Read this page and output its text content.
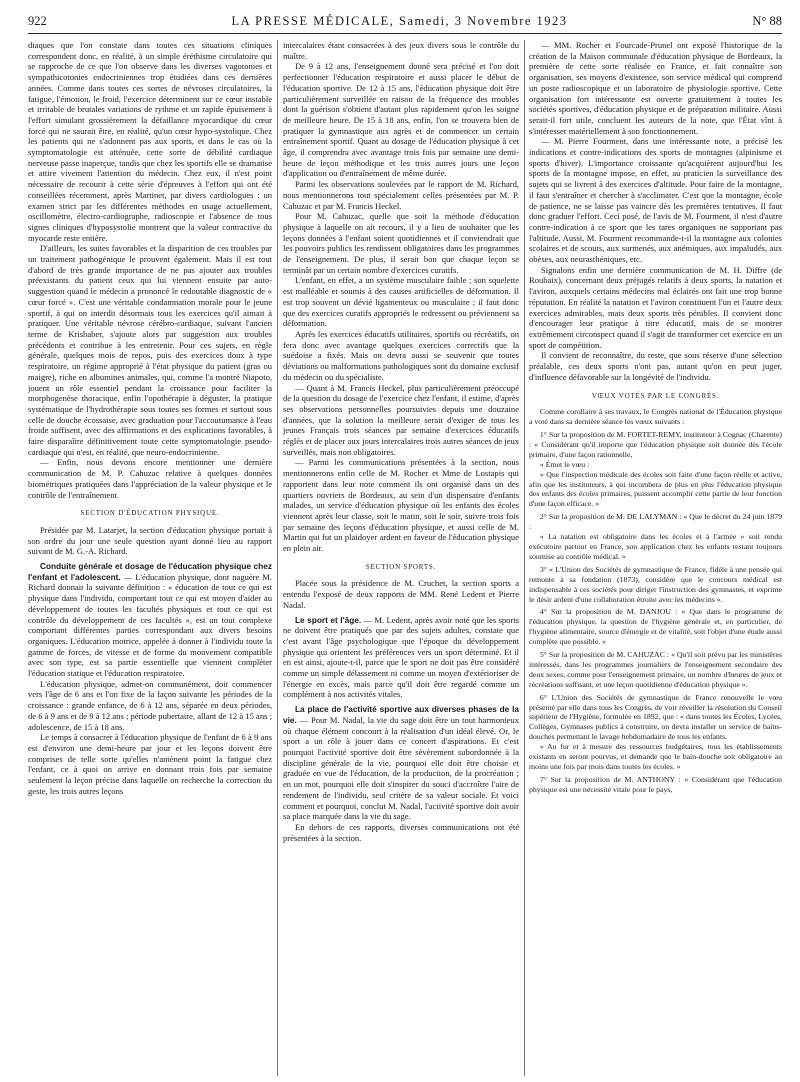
922	LA PRESSE MÉDICALE, Samedi, 3 Novembre 1923	N° 88

diaques que l'on constate dans toutes ces situations cliniques correspondent donc, en réalité, à un simple éréthisme circulatoire qui se rapproche de ce que l'on observe dans les diverses vagotonies et sympathicotonies endocriniennes trop étudiées dans ces dernières années. Comme dans toutes ces sortes de névroses circulatoires, la fatigue, l'émotion, le froid, l'exercice déterminent sur ce cœur instable et irritable de brutales variations de rythme et un rapide épuisement à l'effort simulant grossièrement la défaillance myocardique du cœur forcé qui ne saurait être, en réalité, qu'un cœur hypo-systolique. Chez les patients qui ne s'adonnent pas aux sports, et dans le cas où la symptomatologie est atténuée, cette sorte de débilité cardiaque nerveuse passe inaperçue, tandis que chez les sportifs elle se dramatise et attire vivement l'attention du médecin. Chez eux, il n'est point nécessaire de recourir à cette série d'épreuves à l'effort qui ont été conseillées récemment, après Martinet, par divers cardiologues : un examen strict par les différentes méthodes en usage actuellement, oscillomètre, électro-cardiographe, radioscopie et l'absence de tous signes cliniques d'hyposystolie montrent que la valeur contractive du myocarde reste entière.

D'ailleurs, les suites favorables et la disparition de ces troubles par un traitement pathogénique le prouvent également. Mais il est tout d'abord de très grande importance de ne pas ajouter aux troubles préexistants du patient ceux qui lui viennent ensuite par auto-suggestion quand le médecin a prononcé le redoutable diagnostic de « cœur forcé ». C'est une véritable condamnation morale pour le jeune sportif, à qui on interdit désormais tous les exercices qu'il aimait à pratiquer. Une véritable névrose cérébro-cardiaque, suivant l'ancien terme de Krishaber, s'ajoute alors par suggestion aux troubles précédents et contribue à les entretenir. Pour ces sujets, en règle générale, quelques mois de repos, puis des exercices doux à type respiratoire, un régime approprié à l'état physique du patient (gras ou maigre), riche en albumines animales, qui, comme l'a montré Niapoto, jouent un rôle essentiel pendant la croissance pour faciliter la morphogenèse thoracique, enfin l'opothérapie à déguster, la pratique systématique de l'hydrothérapie sous toutes ses formes et surtout sous celle de douche écossaise, avec graduation pour l'accoutumance à l'eau froide suffisent, avec des affirmations et des explications favorables, à faire disparaître définitivement toute cette symptomatologie pseudo-cardiaque qui n'est, en réalité, que neuro-endocrinienne.

— Enfin, nous devons encore mentionner une dernière communication de M. P. Cahuzac relative à quelques données biométriques pratiquées dans l'appréciation de la valeur physique et le contrôle de l'entraînement.

SECTION D'ÉDUCATION PHYSIQUE.

Présidée par M. Latarjet, la section d'éducation physique portait à son ordre du jour une seule question ayant donné lieu au rapport suivant de M. G.-A. Richard.

Conduite générale et dosage de l'éducation physique chez l'enfant et l'adolescent. — L'éducation physique, dont naguère M. Richard donnait la suivante définition : « éducation de tout ce qui est physique dans l'individu, comportant tout ce qui est moyen d'aider au développement de toutes les facultés physiques et tout ce qui est contrôle du développement de ces facultés », est un tout complexe comportant différentes parties correspondant aux divers besoins organiques. L'éducation motrice, appelée à donner à l'individu toute la gamme de forces, de vitesse et de forme du mouvement compatible avec son type, est sa partie essentielle que viennent compléter l'éducation statique et l'éducation respiratoire.

L'éducation physique, admet-on communément, doit commencer vers l'âge de 6 ans et l'on fixe de la façon suivante les périodes de la croissance : grande enfance, de 6 à 12 ans, séparée en deux périodes, de 6 à 9 ans et de 9 à 12 ans ; période pubertaire, allant de 12 à 15 ans ; adolescence, de 15 à 18 ans.

Le temps à consacrer à l'éducation physique de l'enfant de 6 à 9 ans est d'environ une demi-heure par jour et les leçons doivent être comprises de telle sorte qu'elles n'amènent point la fatigue chez l'enfant, ce à quoi on arrive en donnant trois fois par semaine seulement la leçon précise dans laquelle on recherche la correction du geste, les trois autres leçons

intercalaires étant consacrées à des jeux divers sous le contrôle du maître.

De 9 à 12 ans, l'enseignement donné sera précisé et l'on doit perfectionner l'éducation respiratoire et aussi placer le début de l'éducation sportive. De 12 à 15 ans, l'éducation physique doit être particulièrement surveillée en raison de la fréquence des troubles dont la guérison s'obtient d'autant plus rapidement qu'on les soigne de meilleure heure. De 15 à 18 ans, enfin, l'on se trouvera bien de pratiquer la gymnastique aux agrès et de commencer un certain entraînement sportif. Quant au dosage de l'éducation physique à cet âge, il comprendra avec avantage trois fois par semaine une demi-heure de leçon méthodique et les trois autres jours une leçon d'application ou d'entraînement de même durée.

Parmi les observations soulevées par le rapport de M. Richard, nous mentionnerons tout spécialement celles présentées par M. P. Cahuzac et par M. Francis Heckel.

Pour M. Cahuzac, quelle que soit la méthode d'éducation physique à laquelle on ait recours, il y a lieu de souhaiter que les leçons données à l'enfant soient quotidiennes et il conviendrait que les pouvoirs publics les rendissent obligatoires dans les programmes de l'enseignement. De plus, il serait bon que chaque leçon se terminât par un certain nombre d'exercices curatifs.

L'enfant, en effet, a un système musculaire faible ; son squelette est malléable et soumis à des causes artificielles de déformation. Il est trop souvent un dévié ligamenteux ou musculaire ; il faut donc que des exercices curatifs appropriés le redressent ou préviennent sa déformation.

Après les exercices éducatifs utilitaires, sportifs ou récréatifs, on fera donc avec avantage quelques exercices correctifs que la suédoise a fixés. Mais on devra aussi se souvenir que toutes déviations ou malformations pathologiques sont du domaine exclusif du médecin ou du spécialiste.

— Quant à M. Francis Heckel, plus particulièrement préoccupé de la question du dosage de l'exercice chez l'enfant, il estime, d'après ses observations personnelles poursuivies depuis une douzaine d'années, que la solution la meilleure serait d'exiger de tous les jeunes Français trois séances par semaine d'exercices éducatifs réglés et de placer aux jours intercalaires trois autres séances de jeux surveillés, mais non obligatoires.

— Parmi les communications présentées à la section, nous mentionnerons enfin celle de M. Rocher et Mme de Lostapis qui rapportent dans leur note comment ils ont organisé dans un des quartiers ouvriers de Bordeaux, au sein d'un dispensaire d'enfants malades, un service d'éducation physique où les enfants des écoles viennent après leur classe, soit le matin, soit le soir, suivre trois fois par semaine des leçons d'éducation physique, et aussi celle de M. Martin qui fut un plaidoyer ardent en faveur de l'éducation physique en plein air.

SECTION SPORTS.

Placée sous la présidence de M. Cruchet, la section sports a entendu l'exposé de deux rapports de MM. René Ledent et Pierre Nadal.

Le sport et l'âge. — M. Ledent, après avoir noté que les sports ne doivent être pratiqués que par des sujets adultes, constate que c'est avant l'âge psychologique que l'époque du développement physique qui orientent les préférences vers un sport déterminé. Et il en est ainsi, ajoute-t-il, parce que le sport ne doit pas être considéré comme un simple délassement ni comme un moyen d'extérioriser de l'énergie en excès, mais parce qu'il doit être regardé comme un complément à nos activités vitales.

La place de l'activité sportive aux diverses phases de la vie. — Pour M. Nadal, la vie du sage doit être un tout harmonieux où chaque élément concourt à la réalisation d'un idéal élevé. Or, le sport a un rôle à jouer dans ce concert d'aspirations. Et c'est pourquoi l'activité sportive doit être sévèrement subordonnée à la discipline générale de la vie, pourquoi elle doit être choisie et graduée en vue de l'éducation, de la production, de la procréation ; en un mot, pourquoi elle doit s'inspirer du souci d'accroître l'aire de rendement de l'individu, seul critère de sa valeur sociale. Et voici comment et pourquoi, conclut M. Nadal, l'activité sportive doit avoir sa place marquée dans la vie du sage.

En dehors de ces rapports, diverses communications ont été présentées à la section.

— MM. Rocher et Fourcade-Prunel ont exposé l'historique de la création de la Maison communale d'éducation physique de Bordeaux, la première de cette sorte réalisée en France, et fait connaître son organisation, ses moyens d'existence, son service médical qui comprend un poste radioscopique et un laboratoire de physiologie sportive. Cette organisation fort intéressante est ouverte gratuitement à toutes les sociétés sportives, d'éducation physique et de préparation militaire. Aussi serait-il fort utile, concluent les auteurs de la note, que l'État vînt à s'intéresser matériellement à son fonctionnement.

— M. Pierre Fourment, dans une intéressante note, a précisé les indications et contre-indications des sports de montagnes (alpinisme et sports d'hiver). L'importance croissante qu'acquièrent aujourd'hui les sports de la montagne impose, en effet, au praticien la surveillance des sujets qui se livrent à des exercices d'altitude. Pour faire de la montagne, il faut s'entraîner et chercher à s'acclimater. C'est que la montagne, école de patience, ne se laisse pas vaincre dès les premières tentatives. Il faut donc graduer l'effort. Ceci posé, de l'avis de M. Fourment, il n'est d'autre contre-indication à ce sport que les tares organiques ne supportant pas l'altitude. Aussi, M. Fourment recommande-t-il la montagne aux colonies scolaires et de scouts, aux surmenés, aux anémiques, aux impaludés, aux obèses, aux neurasthéniques, etc.

Signalons enfin une dernière communication de M. H. Diffre (de Roubaix), concernant deux préjugés relatifs à deux sports, la natation et l'aviron, auxquels certains médecins mal éclairés ont fait une trop bonne réputation. En réalité la natation et l'aviron constituent l'un et l'autre deux exercices admirables, mais deux sports très pénibles. Il convient donc d'encourager leur pratique à titre éducatif, mais de se montrer extrêmement circonspect quand il s'agit de transformer cet exercice en un sport de compétition.

Il convient de reconnaître, du reste, que sous réserve d'une sélection préalable, ces deux sports n'ont pas, autant qu'on en peut juger, d'influence défavorable sur la longévité de l'individu.

VŒUX VOTÉS PAR LE CONGRÈS.

Comme corollaire à ses travaux, le Congrès national de l'Éducation physique a voté dans sa dernière séance les vœux suivants :

1° Sur la proposition de M. FORTET-REMY, instituteur à Cognac (Charente) : « Considérant qu'il importe que l'éducation physique soit donnée dès l'école primaire, d'une façon rationnelle,

« Émet le vœu :

« Que l'inspection médicale des écoles soit faite d'une façon réelle et active, afin que les instituteurs, à qui incombera de plus en plus l'éducation physique des enfants des écoles primaires, puissent accomplir cette partie de leur fonction d'une façon efficace. »

2° Sur la proposition de M. DE LALYMAN : « Que le décret du 24 juin 1879 :

« La natation est obligatoire dans les écoles et à l'armée » soit rendu exécutoire partout en France, son application chez les enfants restant toujours soumise au contrôle médical. »

3° « L'Union des Sociétés de gymnastique de France, fidèle à une pensée qui remonte à sa fondation (1873), considère que le concours médical est indispensable à ces sociétés pour diriger l'instruction des gymnastes, et exprime le désir ardent d'une collaboration étroite avec les médecins ».

4° Sur la proposition de M. DANJOU : « Que dans le programme de l'éducation physique, la question de l'hygiène générale et, en particulier, de l'hygiène alimentaire, source d'énergie et de vitalité, soit l'objet d'une étude aussi complète que possible. »

5° Sur la proposition de M. CAHUZAC : « Qu'il soit prévu par les ministères intéressés, dans les programmes journaliers de l'enseignement secondaire des deux sexes, comme pour l'enseignement primaire, un nombre d'heures de jeux et récréations suffisant, et une leçon quotidienne d'éducation physique ».

6° L'Union des Sociétés de gymnastique de France renouvelle le vœu présenté par elle dans tous les Congrès, de voir réveiller la résolution du Conseil supérieur de l'Hygiène, formulée en 1892, que : « dans toutes les Écoles, Lycées, Collèges, Gymnases publics à construire, on devra installer un service de bains-douches permettant le lavage hebdomadaire de tous les enfants.

« Au fur et à mesure des ressources budgétaires, tous les établissements existants en seront pourvus, et demande que le bain-douche soit obligatoire au moins une fois par mois dans toutes les écoles. »

7° Sur la proposition de M. ANTHONY : « Considérant que l'éducation physique est une nécessité vitale pour le pays,
